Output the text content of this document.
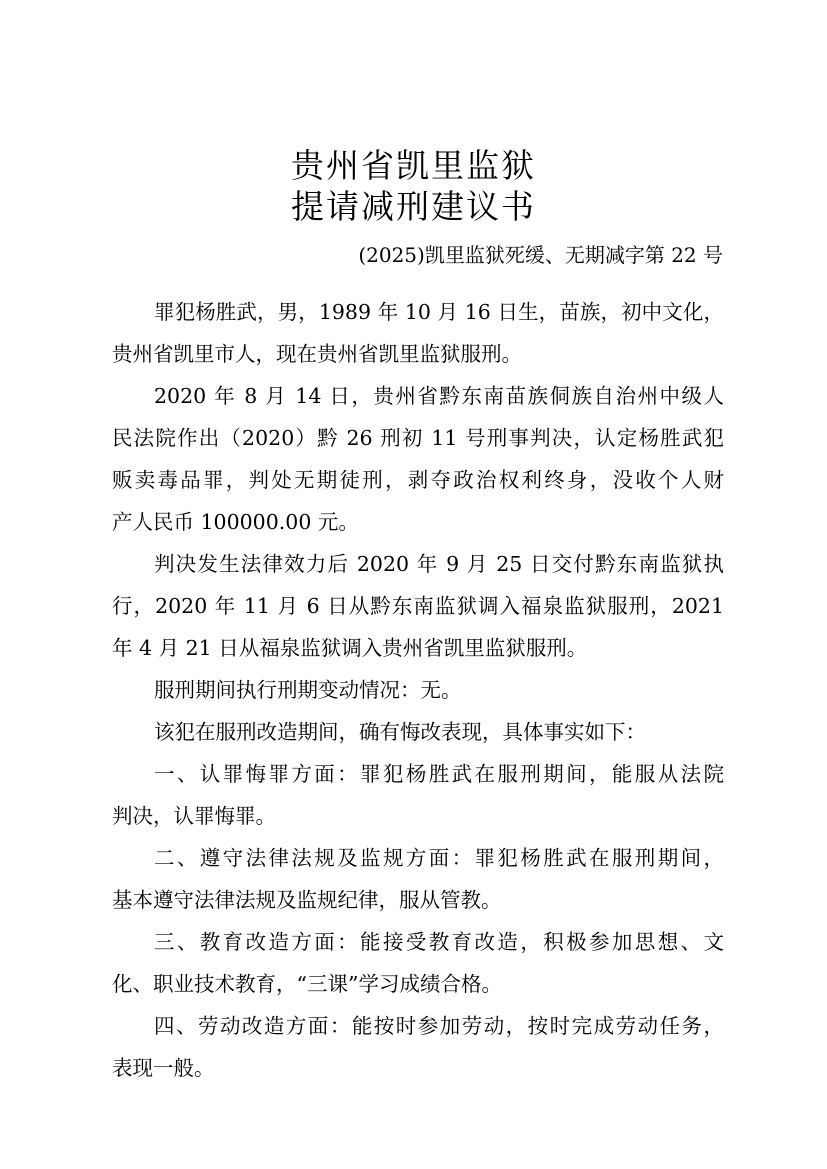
贵州省凯里监狱
提请减刑建议书
(2025)凯里监狱死缓、无期减字第 22 号
罪犯杨胜武，男，1989 年 10 月 16 日生，苗族，初中文化，
贵州省凯里市人，现在贵州省凯里监狱服刑。
2020 年 8 月 14 日，贵州省黔东南苗族侗族自治州中级人
民法院作出（2020）黔 26 刑初 11 号刑事判决，认定杨胜武犯
贩卖毒品罪，判处无期徒刑，剥夺政治权利终身，没收个人财
产人民币 100000.00 元。
判决发生法律效力后 2020 年 9 月 25 日交付黔东南监狱执
行，2020 年 11 月 6 日从黔东南监狱调入福泉监狱服刑，2021
年 4 月 21 日从福泉监狱调入贵州省凯里监狱服刑。
服刑期间执行刑期变动情况：无。
该犯在服刑改造期间，确有悔改表现，具体事实如下：
一、认罪悔罪方面：罪犯杨胜武在服刑期间，能服从法院
判决，认罪悔罪。
二、遵守法律法规及监规方面：罪犯杨胜武在服刑期间，
基本遵守法律法规及监规纪律，服从管教。
三、教育改造方面：能接受教育改造，积极参加思想、文
化、职业技术教育，“三课”学习成绩合格。
四、劳动改造方面：能按时参加劳动，按时完成劳动任务，
表现一般。
